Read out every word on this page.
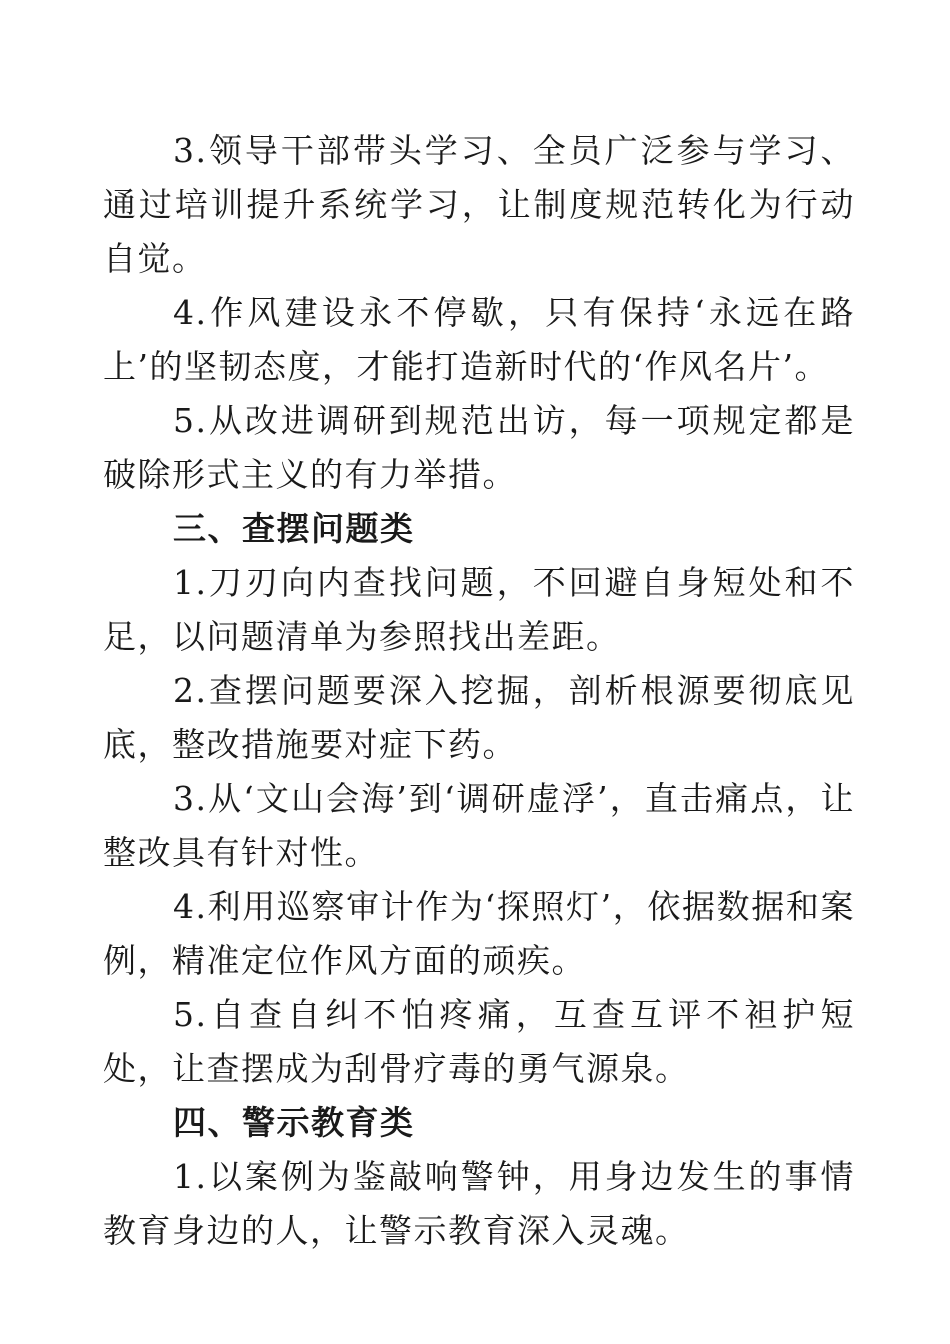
3.领导干部带头学习、全员广泛参与学习、通过培训提升系统学习，让制度规范转化为行动自觉。

4.作风建设永不停歇，只有保持‘永远在路上’的坚韧态度，才能打造新时代的‘作风名片’。

5.从改进调研到规范出访，每一项规定都是破除形式主义的有力举措。

三、查摆问题类

1.刀刃向内查找问题，不回避自身短处和不足，以问题清单为参照找出差距。

2.查摆问题要深入挖掘，剖析根源要彻底见底，整改措施要对症下药。

3.从‘文山会海’到‘调研虚浮’，直击痛点，让整改具有针对性。

4.利用巡察审计作为‘探照灯’，依据数据和案例，精准定位作风方面的顽疾。

5.自查自纠不怕疼痛，互查互评不袒护短处，让查摆成为刮骨疗毒的勇气源泉。

四、警示教育类

1.以案例为鉴敲响警钟，用身边发生的事情教育身边的人，让警示教育深入灵魂。
